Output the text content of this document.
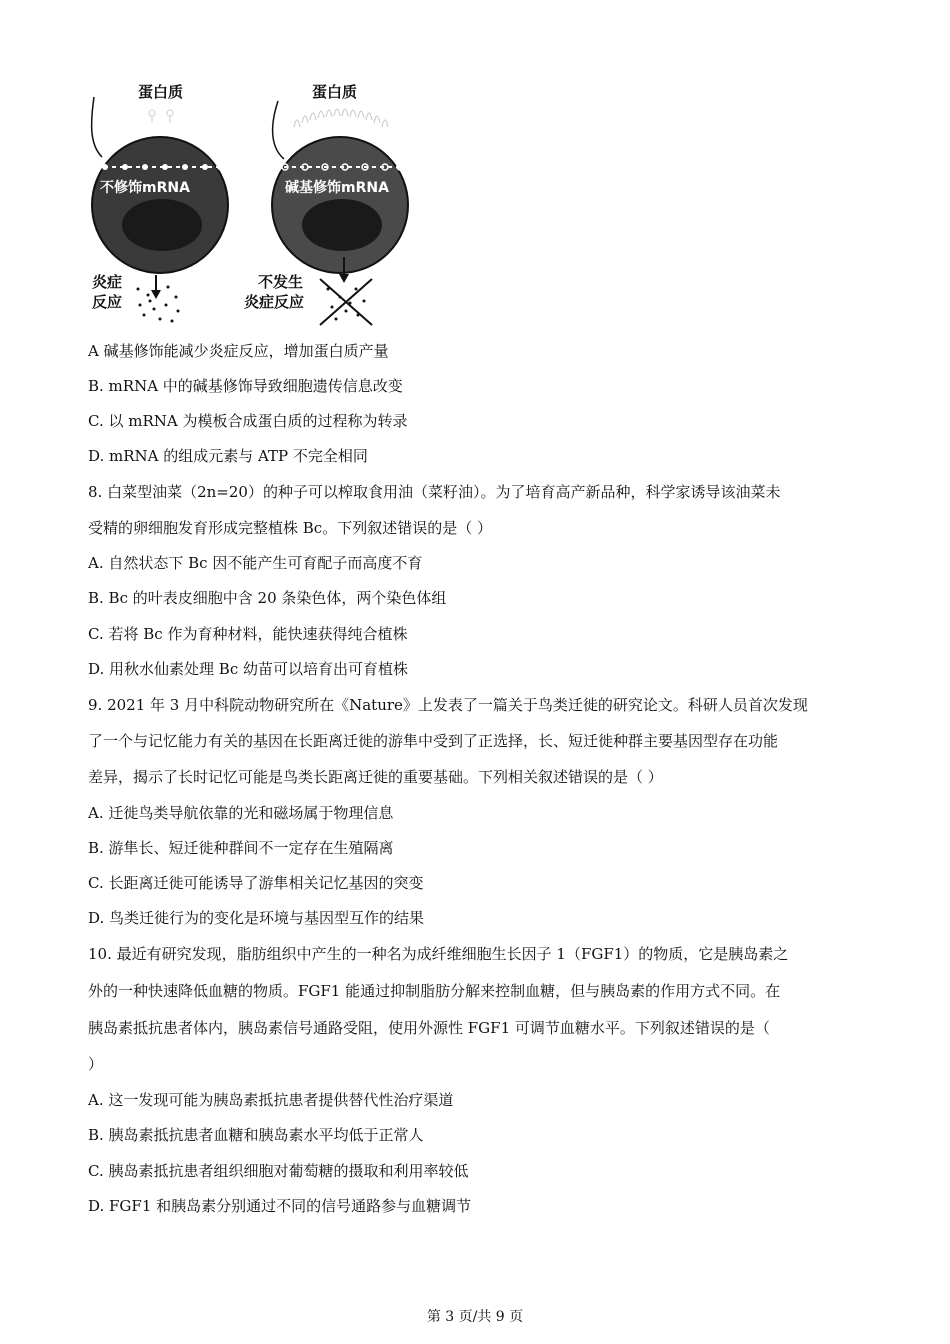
蛋白质
不修饰mRNA
炎症
反应
蛋白质
碱基修饰mRNA
不发生
炎症反应
A 碱基修饰能减少炎症反应，增加蛋白质产量
B. mRNA 中的碱基修饰导致细胞遗传信息改变
C. 以 mRNA 为模板合成蛋白质的过程称为转录
D. mRNA 的组成元素与 ATP 不完全相同
8. 白菜型油菜（2n=20）的种子可以榨取食用油（菜籽油）。为了培育高产新品种，科学家诱导该油菜未
受精的卵细胞发育形成完整植株 Bc。下列叙述错误的是（ ）
A. 自然状态下 Bc 因不能产生可育配子而高度不育
B. Bc 的叶表皮细胞中含 20 条染色体，两个染色体组
C. 若将 Bc 作为育种材料，能快速获得纯合植株
D. 用秋水仙素处理 Bc 幼苗可以培育出可育植株
9. 2021 年 3 月中科院动物研究所在《Nature》上发表了一篇关于鸟类迁徙的研究论文。科研人员首次发现
了一个与记忆能力有关的基因在长距离迁徙的游隼中受到了正选择，长、短迁徙种群主要基因型存在功能
差异，揭示了长时记忆可能是鸟类长距离迁徙的重要基础。下列相关叙述错误的是（ ）
A. 迁徙鸟类导航依靠的光和磁场属于物理信息
B. 游隼长、短迁徙种群间不一定存在生殖隔离
C. 长距离迁徙可能诱导了游隼相关记忆基因的突变
D. 鸟类迁徙行为的变化是环境与基因型互作的结果
10. 最近有研究发现，脂肪组织中产生的一种名为成纤维细胞生长因子 1（FGF1）的物质，它是胰岛素之
外的一种快速降低血糖的物质。FGF1 能通过抑制脂肪分解来控制血糖，但与胰岛素的作用方式不同。在
胰岛素抵抗患者体内，胰岛素信号通路受阻，使用外源性 FGF1 可调节血糖水平。下列叙述错误的是（
）
A. 这一发现可能为胰岛素抵抗患者提供替代性治疗渠道
B. 胰岛素抵抗患者血糖和胰岛素水平均低于正常人
C. 胰岛素抵抗患者组织细胞对葡萄糖的摄取和利用率较低
D. FGF1 和胰岛素分别通过不同的信号通路参与血糖调节
第 3 页/共 9 页
